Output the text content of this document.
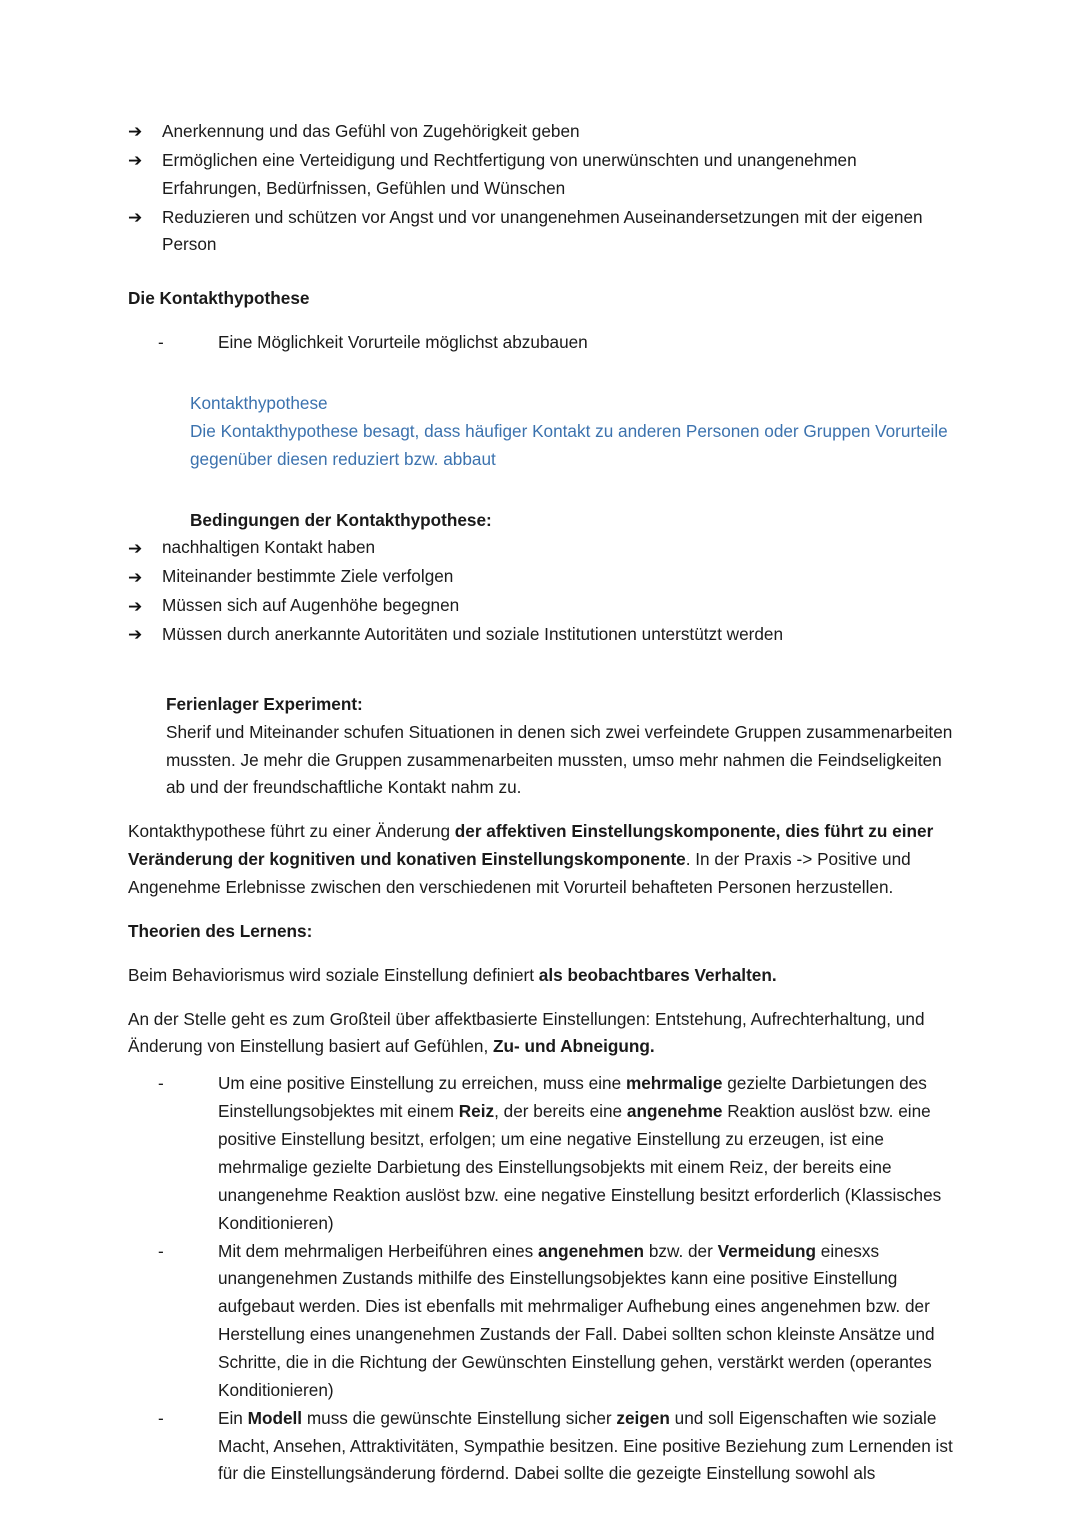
➔ Anerkennung und das Gefühl von Zugehörigkeit geben
➔ Ermöglichen eine Verteidigung und Rechtfertigung von unerwünschten und unangenehmen Erfahrungen, Bedürfnissen, Gefühlen und Wünschen
➔ Reduzieren und schützen vor Angst und vor unangenehmen Auseinandersetzungen mit der eigenen Person

Die Kontakthypothese

-	Eine Möglichkeit Vorurteile möglichst abzubauen

Kontakthypothese

Die Kontakthypothese besagt, dass häufiger Kontakt zu anderen Personen oder Gruppen Vorurteile gegenüber diesen reduziert bzw. abbaut

Bedingungen der Kontakthypothese:

➔ nachhaltigen Kontakt haben
➔ Miteinander bestimmte Ziele verfolgen
➔ Müssen sich auf Augenhöhe begegnen
➔ Müssen durch anerkannte Autoritäten und soziale Institutionen unterstützt werden

Ferienlager Experiment:

Sherif und Miteinander schufen Situationen in denen sich zwei verfeindete Gruppen zusammenarbeiten mussten. Je mehr die Gruppen zusammenarbeiten mussten, umso mehr nahmen die Feindseligkeiten ab und der freundschaftliche Kontakt nahm zu.

Kontakthypothese führt zu einer Änderung der affektiven Einstellungskomponente, dies führt zu einer Veränderung der kognitiven und konativen Einstellungskomponente. In der Praxis -> Positive und Angenehme Erlebnisse zwischen den verschiedenen mit Vorurteil behafteten Personen herzustellen.

Theorien des Lernens:

Beim Behaviorismus wird soziale Einstellung definiert als beobachtbares Verhalten.

An der Stelle geht es zum Großteil über affektbasierte Einstellungen: Entstehung, Aufrechterhaltung, und Änderung von Einstellung basiert auf Gefühlen, Zu- und Abneigung.

-	Um eine positive Einstellung zu erreichen, muss eine mehrmalige gezielte Darbietungen des Einstellungsobjektes mit einem Reiz, der bereits eine angenehme Reaktion auslöst bzw. eine positive Einstellung besitzt, erfolgen; um eine negative Einstellung zu erzeugen, ist eine mehrmalige gezielte Darbietung des Einstellungsobjekts mit einem Reiz, der bereits eine unangenehme Reaktion auslöst bzw. eine negative Einstellung besitzt erforderlich (Klassisches Konditionieren)
-	Mit dem mehrmaligen Herbeiführen eines angenehmen bzw. der Vermeidung einesxs unangenehmen Zustands mithilfe des Einstellungsobjektes kann eine positive Einstellung aufgebaut werden. Dies ist ebenfalls mit mehrmaliger Aufhebung eines angenehmen bzw. der Herstellung eines unangenehmen Zustands der Fall. Dabei sollten schon kleinste Ansätze und Schritte, die in die Richtung der Gewünschten Einstellung gehen, verstärkt werden (operantes Konditionieren)
-	Ein Modell muss die gewünschte Einstellung sicher zeigen und soll Eigenschaften wie soziale Macht, Ansehen, Attraktivitäten, Sympathie besitzen. Eine positive Beziehung zum Lernenden ist für die Einstellungsänderung fördernd. Dabei sollte die gezeigte Einstellung sowohl als
